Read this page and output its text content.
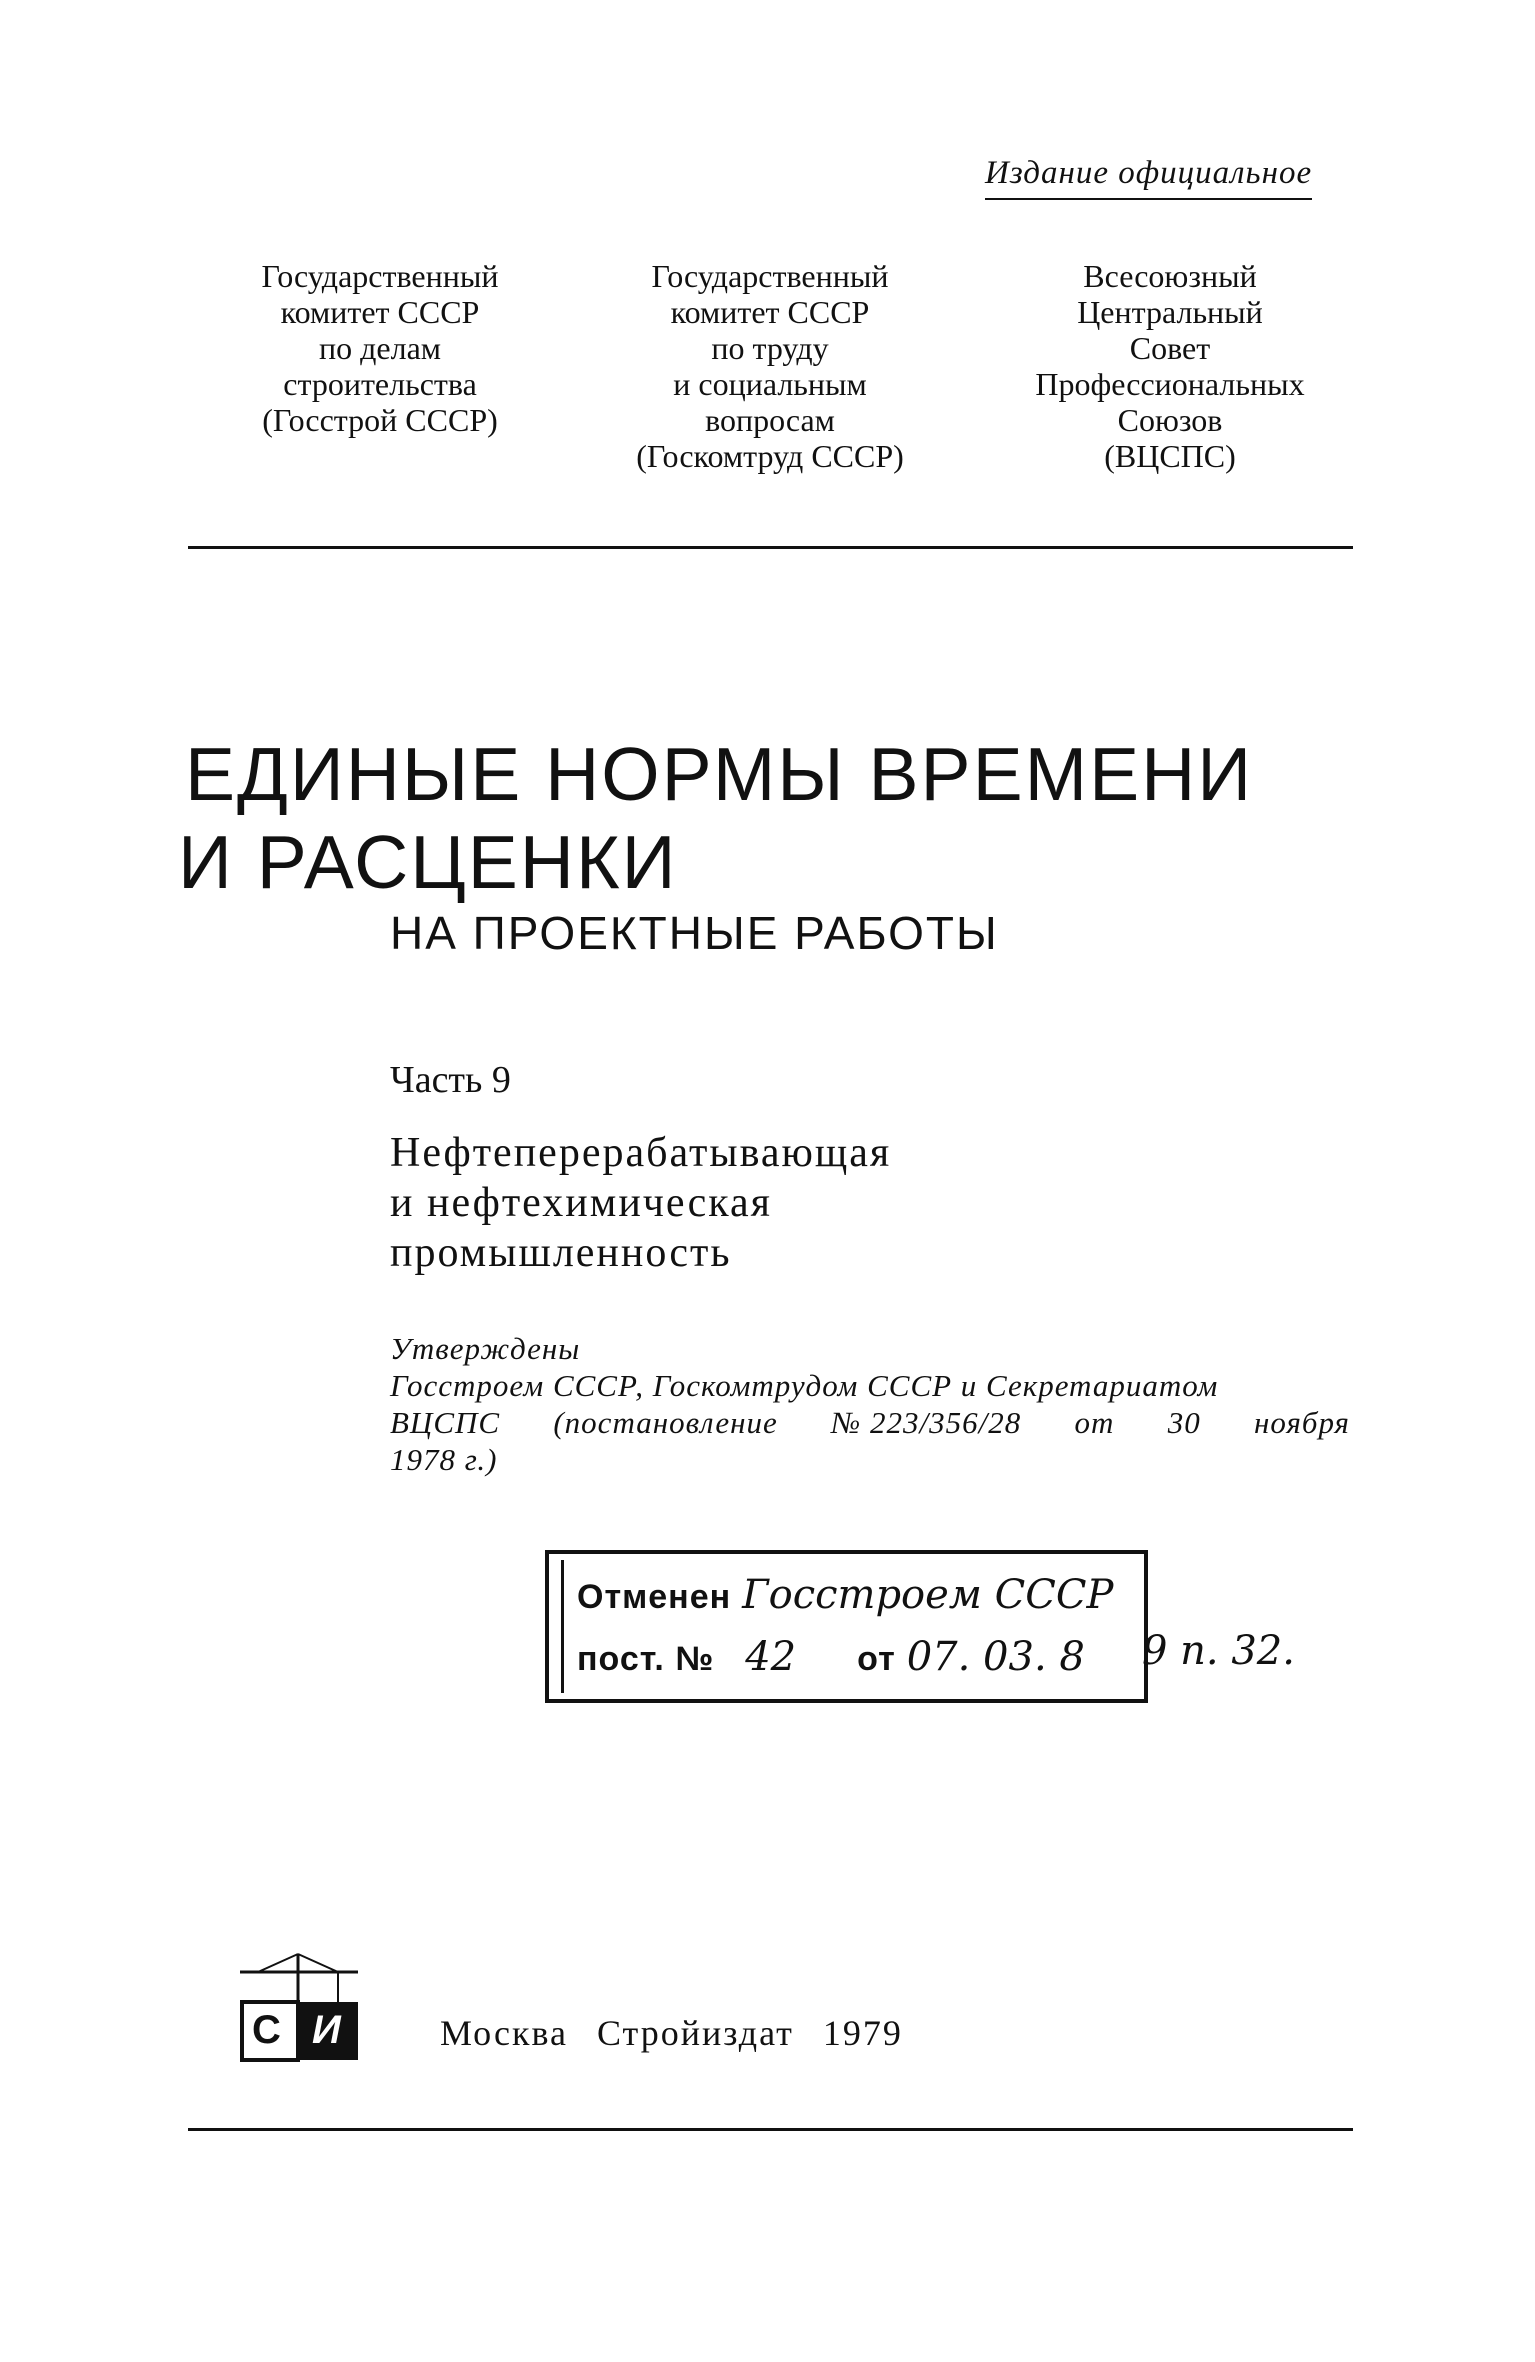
Издание официальное
Государственный
комитет СССР
по делам
строительства
(Госстрой СССР)
Государственный
комитет СССР
по труду
и социальным
вопросам
(Госкомтруд СССР)
Всесоюзный
Центральный
Совет
Профессиональных
Союзов
(ВЦСПС)
ЕДИНЫЕ НОРМЫ ВРЕМЕНИ
И РАСЦЕНКИ
НА ПРОЕКТНЫЕ РАБОТЫ
Часть 9
Нефтеперерабатывающая
и нефтехимическая
промышленность
Утверждены
Госстроем СССР, Госкомтрудом СССР и Секретариатом
ВЦСПС (постановление № 223/356/28 от 30 ноября
1978 г.)
Отменен Госстроем СССР
пост. № 42 от 07. 03. 8 9 п. 32.
С И	Москва Стройиздат 1979
